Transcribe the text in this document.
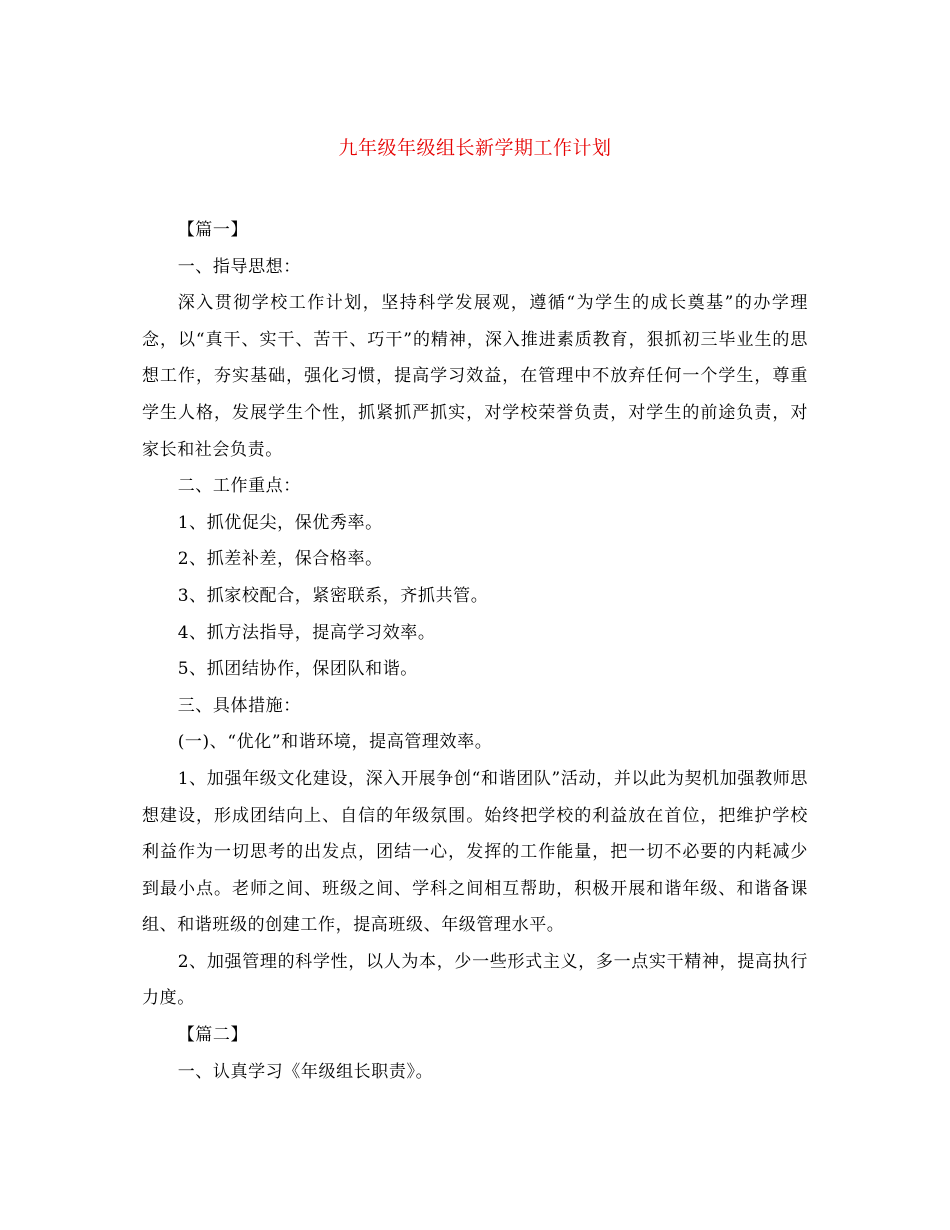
九年级年级组长新学期工作计划

【篇一】

一、指导思想：

深入贯彻学校工作计划，坚持科学发展观，遵循“为学生的成长奠基”的办学理念，以“真干、实干、苦干、巧干”的精神，深入推进素质教育，狠抓初三毕业生的思想工作，夯实基础，强化习惯，提高学习效益，在管理中不放弃任何一个学生，尊重学生人格，发展学生个性，抓紧抓严抓实，对学校荣誉负责，对学生的前途负责，对家长和社会负责。

二、工作重点：

1、抓优促尖，保优秀率。

2、抓差补差，保合格率。

3、抓家校配合，紧密联系，齐抓共管。

4、抓方法指导，提高学习效率。

5、抓团结协作，保团队和谐。

三、具体措施：

(一)、“优化”和谐环境，提高管理效率。

1、加强年级文化建设，深入开展争创“和谐团队”活动，并以此为契机加强教师思想建设，形成团结向上、自信的年级氛围。始终把学校的利益放在首位，把维护学校利益作为一切思考的出发点，团结一心，发挥的工作能量，把一切不必要的内耗减少到最小点。老师之间、班级之间、学科之间相互帮助，积极开展和谐年级、和谐备课组、和谐班级的创建工作，提高班级、年级管理水平。

2、加强管理的科学性，以人为本，少一些形式主义，多一点实干精神，提高执行力度。

【篇二】

一、认真学习《年级组长职责》。
